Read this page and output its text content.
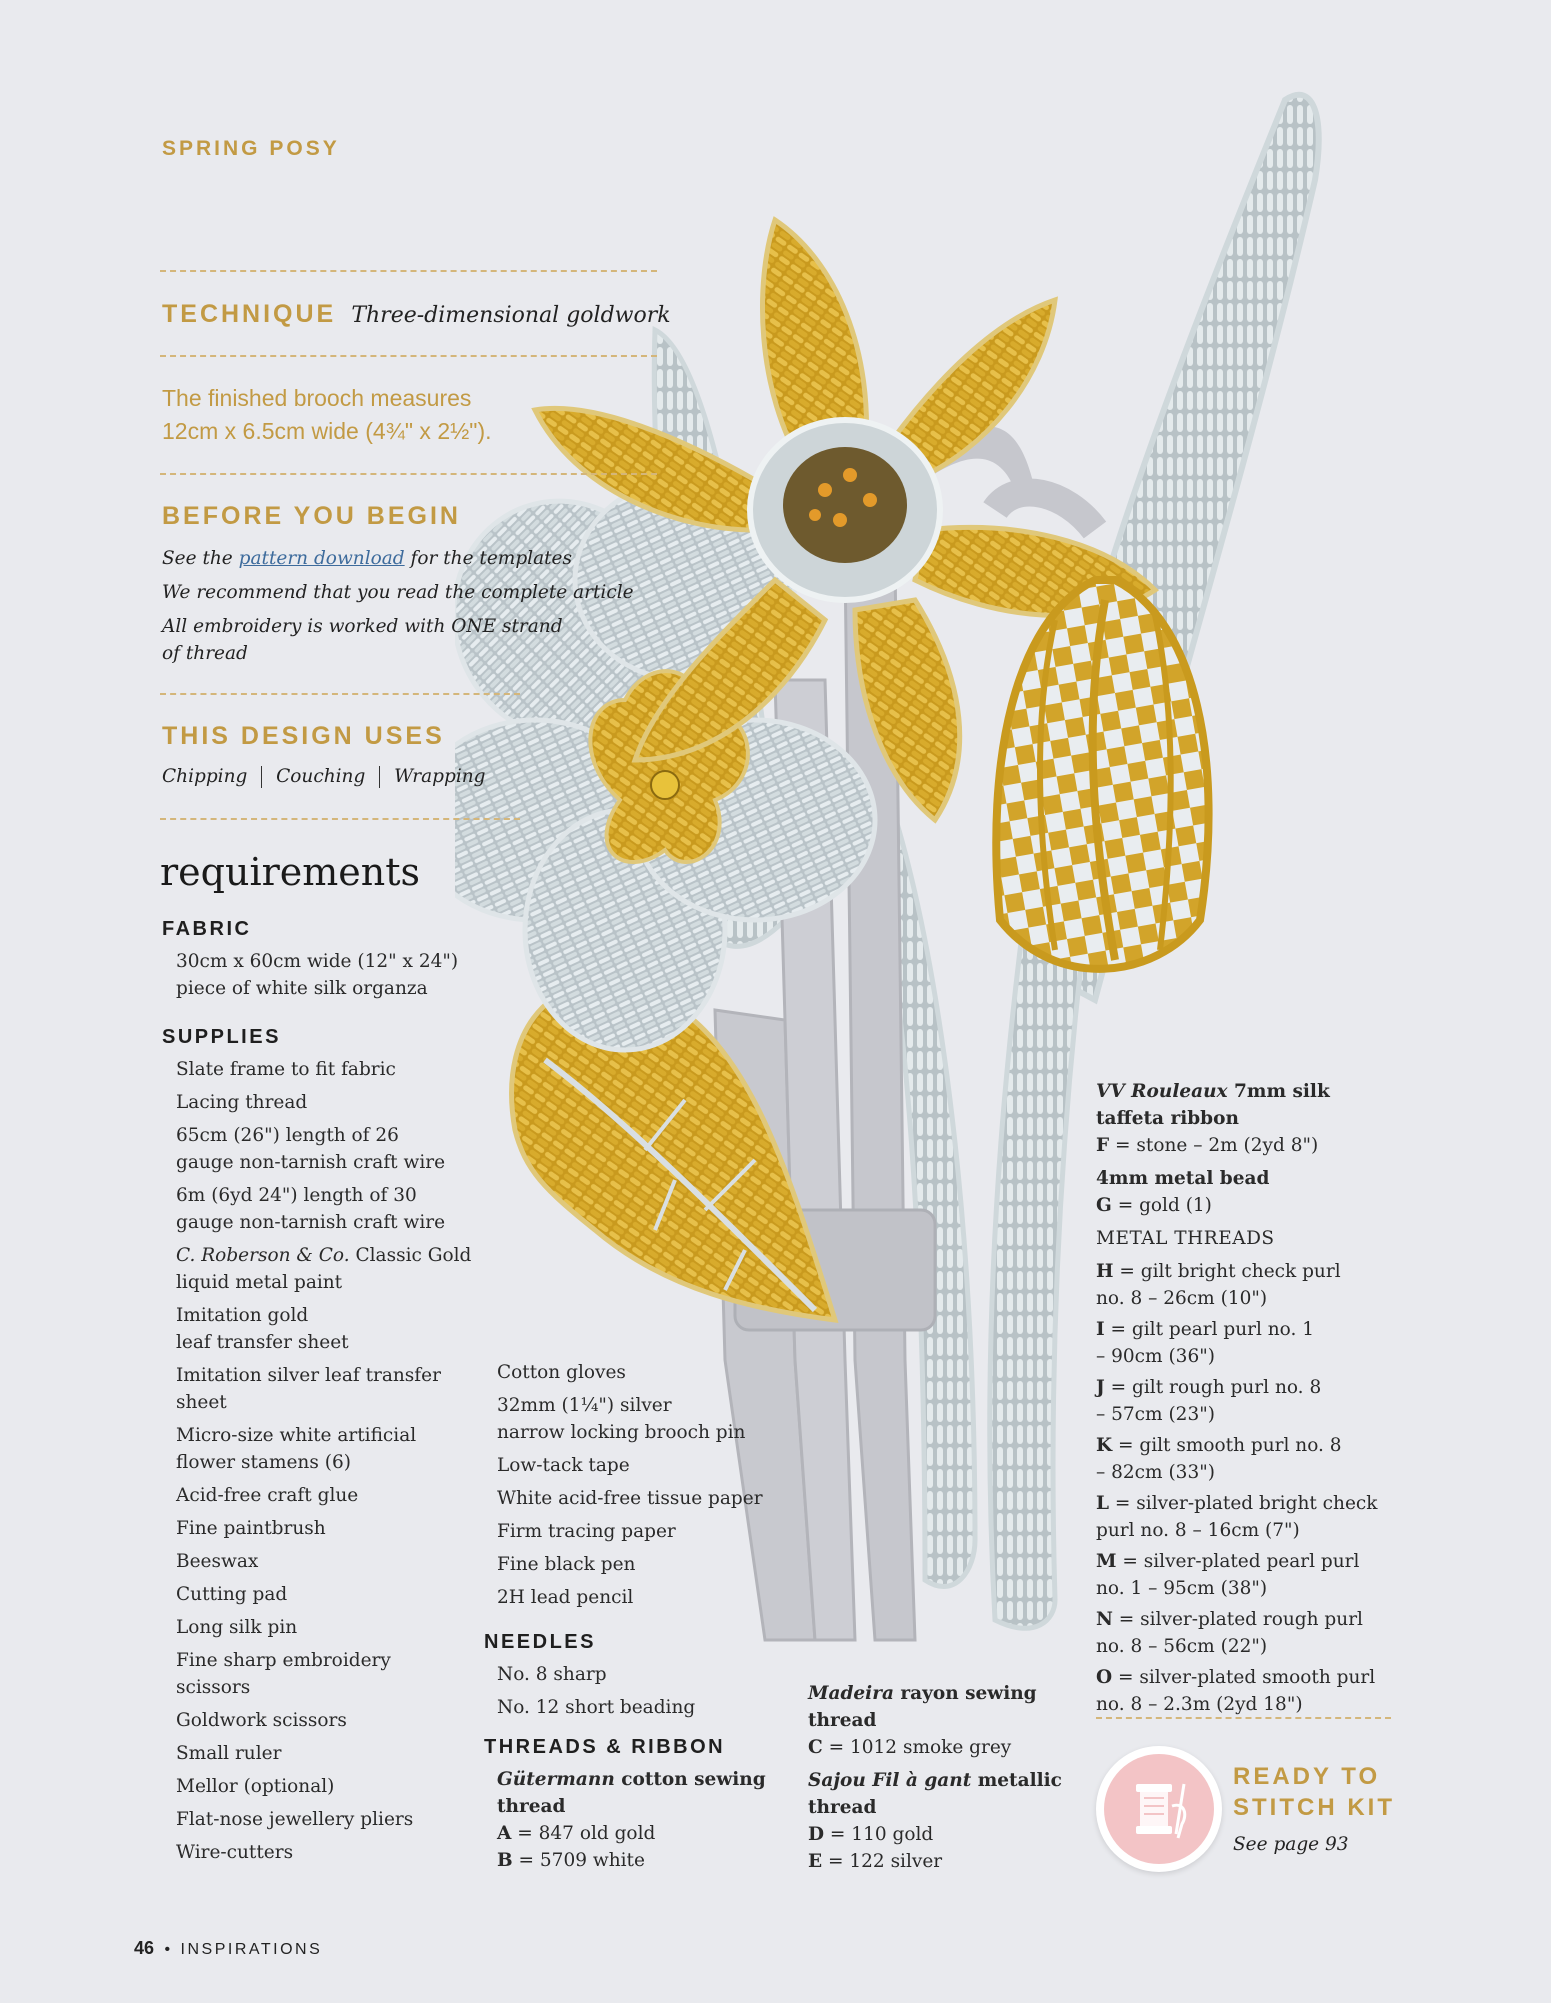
SPRING POSY
TECHNIQUE Three-dimensional goldwork
The finished brooch measures
12cm x 6.5cm wide (4¾" x 2½").
BEFORE YOU BEGIN
See the pattern download for the templates
We recommend that you read the complete article
All embroidery is worked with ONE strand
of thread
THIS DESIGN USES
Chipping Couching Wrapping
requirements
FABRIC
30cm x 60cm wide (12" x 24")
piece of white silk organza
SUPPLIES
Slate frame to fit fabric
Lacing thread
65cm (26") length of 26
gauge non-tarnish craft wire
6m (6yd 24") length of 30
gauge non-tarnish craft wire
C. Roberson & Co. Classic Gold
liquid metal paint
Imitation gold
leaf transfer sheet
Imitation silver leaf transfer
sheet
Micro-size white artificial
flower stamens (6)
Acid-free craft glue
Fine paintbrush
Beeswax
Cutting pad
Long silk pin
Fine sharp embroidery
scissors
Goldwork scissors
Small ruler
Mellor (optional)
Flat-nose jewellery pliers
Wire-cutters
Cotton gloves
32mm (1¼") silver
narrow locking brooch pin
Low-tack tape
White acid-free tissue paper
Firm tracing paper
Fine black pen
2H lead pencil
NEEDLES
No. 8 sharp
No. 12 short beading
THREADS & RIBBON
Gütermann cotton sewing
thread
A = 847 old gold
B = 5709 white
Madeira rayon sewing
thread
C = 1012 smoke grey
Sajou Fil à gant metallic
thread
D = 110 gold
E = 122 silver
VV Rouleaux 7mm silk
taffeta ribbon
F = stone – 2m (2yd 8")
4mm metal bead
G = gold (1)
METAL THREADS
H = gilt bright check purl
no. 8 – 26cm (10")
I = gilt pearl purl no. 1
– 90cm (36")
J = gilt rough purl no. 8
– 57cm (23")
K = gilt smooth purl no. 8
– 82cm (33")
L = silver-plated bright check
purl no. 8 – 16cm (7")
M = silver-plated pearl purl
no. 1 – 95cm (38")
N = silver-plated rough purl
no. 8 – 56cm (22")
O = silver-plated smooth purl
no. 8 – 2.3m (2yd 18")
READY TO
STITCH KIT
See page 93
46 • INSPIRATIONS
